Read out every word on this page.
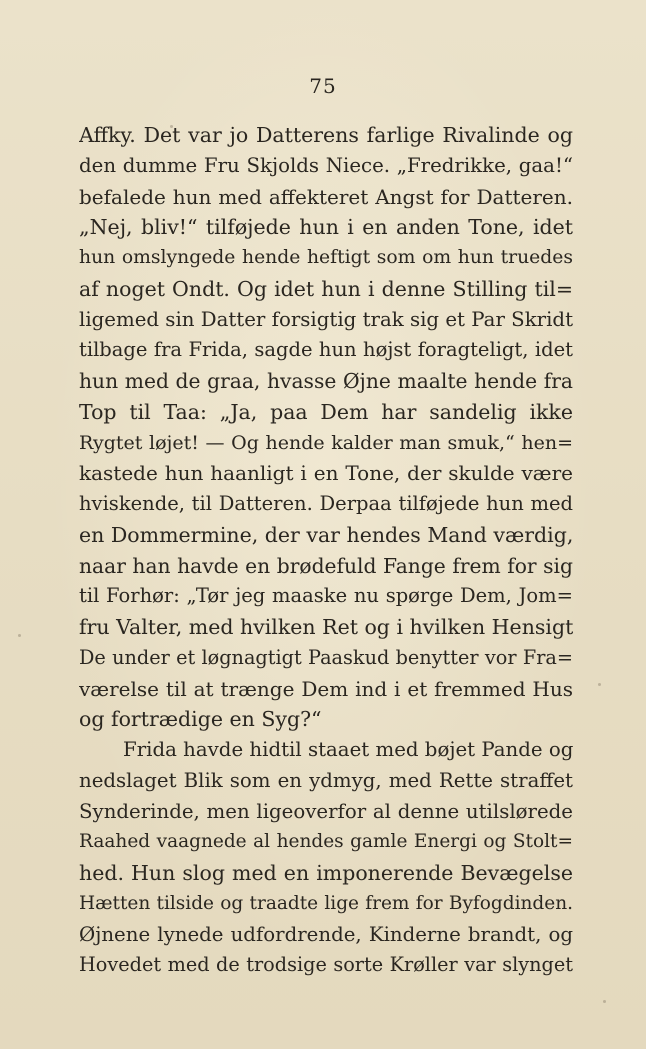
75
Affky. Det var jo Datterens farlige Rivalinde og
den dumme Fru Skjolds Niece. „Fredrikke, gaa!“
befalede hun med affekteret Angst for Datteren.
„Nej, bliv!“ tilføjede hun i en anden Tone, idet
hun omslyngede hende heftigt som om hun truedes
af noget Ondt. Og idet hun i denne Stilling til=
ligemed sin Datter forsigtig trak sig et Par Skridt
tilbage fra Frida, sagde hun højst foragteligt, idet
hun med de graa, hvasse Øjne maalte hende fra
Top til Taa: „Ja, paa Dem har sandelig ikke
Rygtet løjet! — Og hende kalder man smuk,“ hen=
kastede hun haanligt i en Tone, der skulde være
hviskende, til Datteren. Derpaa tilføjede hun med
en Dommermine, der var hendes Mand værdig,
naar han havde en brødefuld Fange frem for sig
til Forhør: „Tør jeg maaske nu spørge Dem, Jom=
fru Valter, med hvilken Ret og i hvilken Hensigt
De under et løgnagtigt Paaskud benytter vor Fra=
værelse til at trænge Dem ind i et fremmed Hus
og fortrædige en Syg?“
Frida havde hidtil staaet med bøjet Pande og
nedslaget Blik som en ydmyg, med Rette straffet
Synderinde, men ligeoverfor al denne utilslørede
Raahed vaagnede al hendes gamle Energi og Stolt=
hed. Hun slog med en imponerende Bevægelse
Hætten tilside og traadte lige frem for Byfogdinden.
Øjnene lynede udfordrende, Kinderne brandt, og
Hovedet med de trodsige sorte Krøller var slynget
